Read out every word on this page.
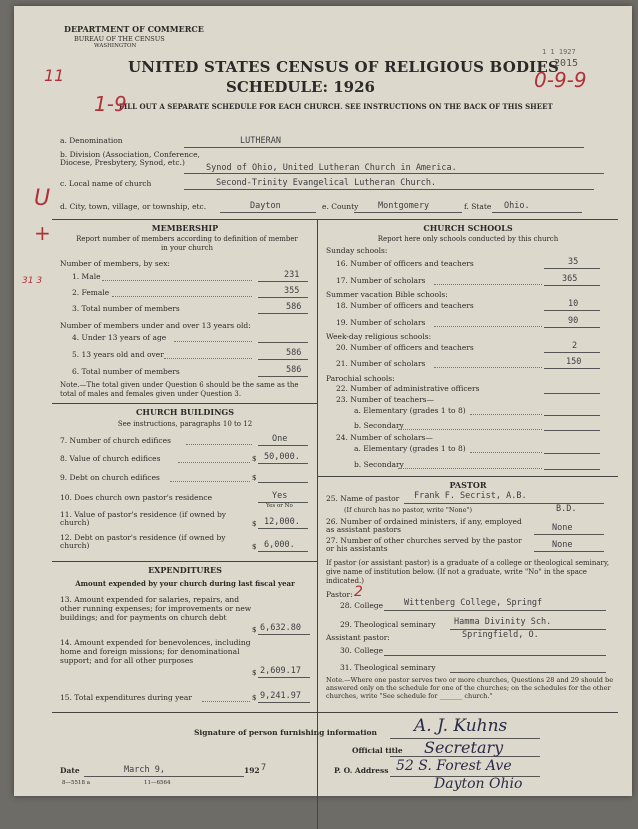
DEPARTMENT OF COMMERCE
BUREAU OF THE CENSUS
WASHINGTON
UNITED STATES CENSUS OF RELIGIOUS BODIES
SCHEDULE: 1926
FILL OUT A SEPARATE SCHEDULE FOR EACH CHURCH. SEE INSTRUCTIONS ON THE BACK OF THIS SHEET
1 1 1927
2015
11
1-9
0-9-9
U
+
31 3
a. Denomination	LUTHERAN
b. Division (Association, Conference, Diocese, Presbytery, Synod, etc.)
Synod of Ohio, United Lutheran Church in America.
c. Local name of church	Second-Trinity Evangelical Lutheran Church.
d. City, town, village, or township, etc.	Dayton	e. County Montgomery	f. State Ohio.
MEMBERSHIP
Report number of members according to definition of member in your church
Number of members, by sex:
1. Male	231
2. Female	355
3. Total number of members	586
Number of members under and over 13 years old:
4. Under 13 years of age
5. 13 years old and over	586
6. Total number of members	586
Note.—The total given under Question 6 should be the same as the total of males and females given under Question 3.
CHURCH BUILDINGS
See instructions, paragraphs 10 to 12
7. Number of church edifices	One
8. Value of church edifices	$ 50,000.
9. Debt on church edifices	$
10. Does church own pastor's residence	Yes
Yes or No
11. Value of pastor's residence (if owned by church)	$ 12,000.
12. Debt on pastor's residence (if owned by church)	$ 6,000.
EXPENDITURES
Amount expended by your church during last fiscal year
13. Amount expended for salaries, repairs, and other running expenses; for improvements or new buildings; and for payments on church debt
$ 6,632.80
14. Amount expended for benevolences, including home and foreign missions; for denominational support; and for all other purposes
$ 2,609.17
15. Total expenditures during year	$ 9,241.97
CHURCH SCHOOLS
Report here only schools conducted by this church
Sunday schools:
16. Number of officers and teachers	35
17. Number of scholars	365
Summer vacation Bible schools:
18. Number of officers and teachers	10
19. Number of scholars	90
Week-day religious schools:
20. Number of officers and teachers	2
21. Number of scholars	150
Parochial schools:
22. Number of administrative officers
23. Number of teachers—
a. Elementary (grades 1 to 8)
b. Secondary
24. Number of scholars—
a. Elementary (grades 1 to 8)
b. Secondary
PASTOR
25. Name of pastor Frank F. Secrist, A.B.
(If church has no pastor, write "None")	B.D.
26. Number of ordained ministers, if any, employed as assistant pastors	None
27. Number of other churches served by the pastor or his assistants	None
If pastor (or assistant pastor) is a graduate of a college or theological seminary, give name of institution below. (If not a graduate, write "No" in the space indicated.)
Pastor: 2
28. College Wittenberg College, Springf
29. Theological seminary Hamma Divinity Sch.
Springfield, O.
Assistant pastor:
30. College
31. Theological seminary
Note.—Where one pastor serves two or more churches, Questions 28 and 29 should be answered only on the schedule for one of the churches; on the schedules for the other churches, write "See schedule for _______ church."
Signature of person furnishing information A. J. Kuhns
Official title Secretary
Date	March 9,	192 7	P. O. Address 52 S. Forest Ave
Dayton Ohio
8—5518 a	11—6564
